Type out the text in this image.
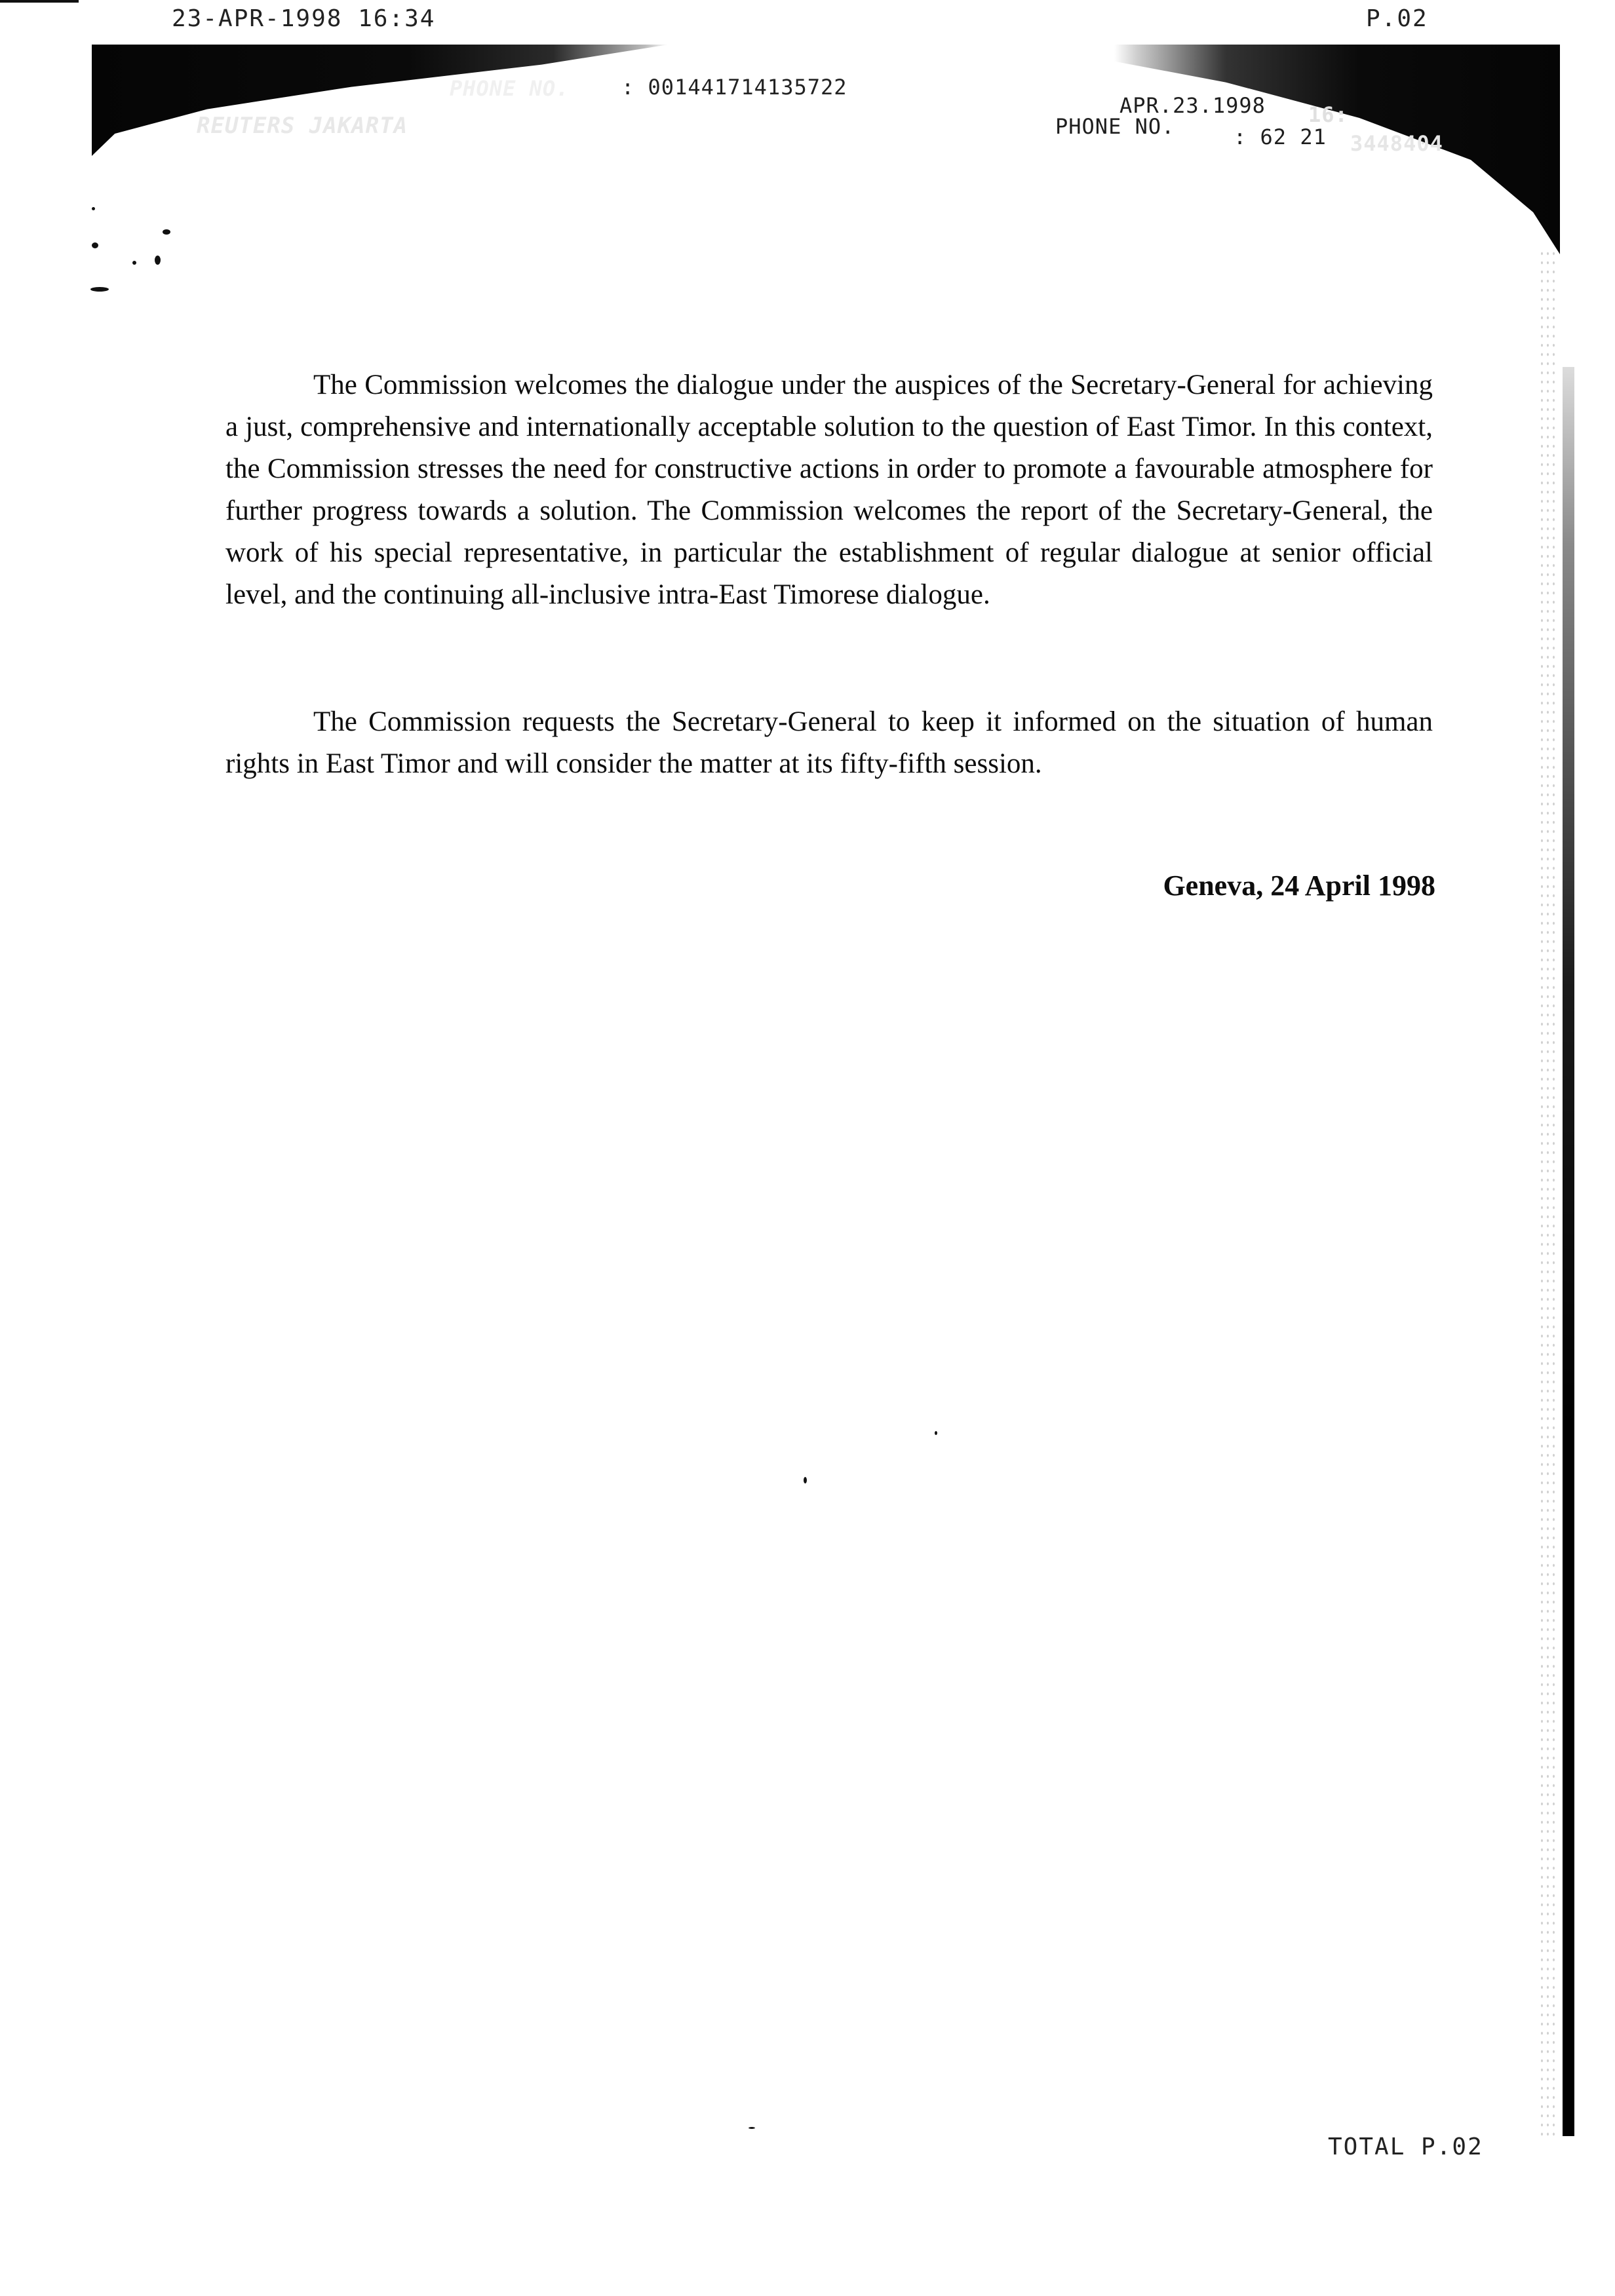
23-APR-1998 16:34	P.02
REUTERS JAKARTA
PHONE NO. : 001441714135722
APR.23.1998 16:
PHONE NO.	: 62 21 3448404

The Commission welcomes the dialogue under the auspices of the Secretary-General for achieving a just, comprehensive and internationally acceptable solution to the question of East Timor. In this context, the Commission stresses the need for constructive actions in order to promote a favourable atmosphere for further progress towards a solution. The Commission welcomes the report of the Secretary-General, the work of his special representative, in particular the establishment of regular dialogue at senior official level, and the continuing all-inclusive intra-East Timorese dialogue.

The Commission requests the Secretary-General to keep it informed on the situation of human rights in East Timor and will consider the matter at its fifty-fifth session.

Geneva, 24 April 1998
TOTAL P.02
